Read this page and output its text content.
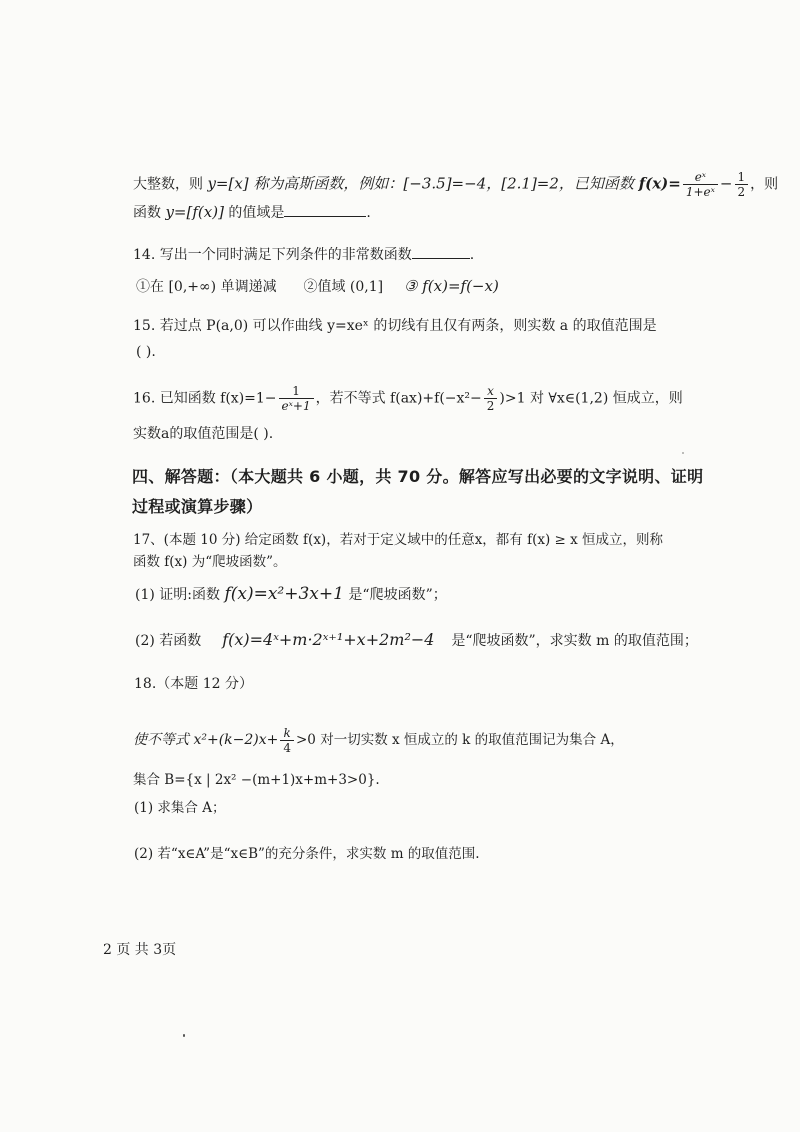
大整数，则 y=[x] 称为高斯函数，例如：[−3.5]=−4，[2.1]=2，已知函数 $f(x)= \frac{\text{eˣ}}{\text{1+eˣ}} - \frac{1}{2}$ ，则
函数 y=[f(x)] 的值域是	.
14. 写出一个同时满足下列条件的非常数函数	.
①在 [0,+∞) 单调递减 ②值域 (0,1] ③ f(x)=f(−x)
15. 若过点 P(a,0) 可以作曲线 y=xeˣ 的切线有且仅有两条，则实数 a 的取值范围是
( ).
16. 已知函数 $f(x)=1- \frac{1}{\text{eˣ+1}}$ ，若不等式 $f(ax)+f(-x^2- \frac{x}{2} )>1$ 对 ∀x∈(1,2) 恒成立，则
实数a的取值范围是( ).
四、解答题：（本大题共 6 小题，共 70 分。解答应写出必要的文字说明、证明
过程或演算步骤）
17、(本题 10 分) 给定函数 f(x)，若对于定义域中的任意x，都有 f(x) ≥ x 恒成立，则称
函数 f(x) 为“爬坡函数”。
(1) 证明:函数 f(x)=x²+3x+1 是“爬坡函数”；
(2) 若函数 f(x)=4ˣ+m·2ˣ⁺¹+x+2m²−4 是“爬坡函数”，求实数 m 的取值范围；
18.（本题 12 分）
使不等式 $x^2+(k-2)x+ \frac{k}{4} >0$ 对一切实数 x 恒成立的 k 的取值范围记为集合 A，
集合 B={x | 2x² −(m+1)x+m+3>0}.
(1) 求集合 A；
(2) 若“x∈A”是“x∈B”的充分条件，求实数 m 的取值范围.
2 页 共 3页
